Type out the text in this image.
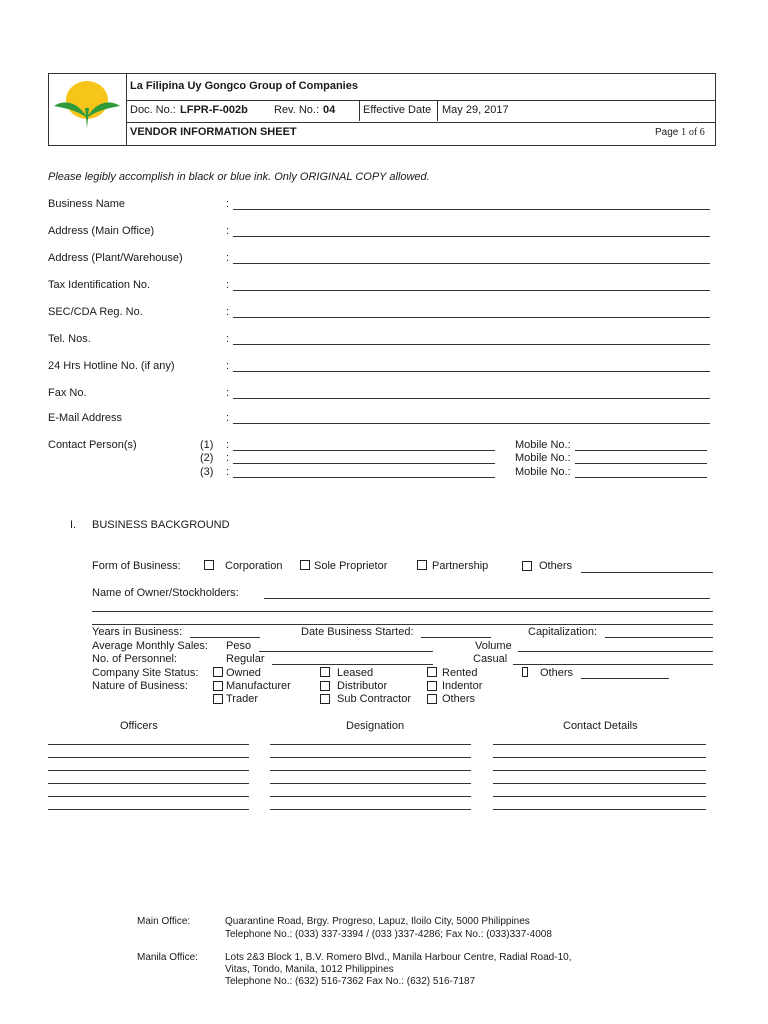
La Filipina Uy Gongco Group of Companies
Doc. No.: LFPR-F-002b Rev. No.: 04	Effective Date May 29, 2017
VENDOR INFORMATION SHEET	Page 1 of 6
Please legibly accomplish in black or blue ink. Only ORIGINAL COPY allowed.
Business Name	:
Address (Main Office)	:
Address (Plant/Warehouse)	:
Tax Identification No.	:
SEC/CDA Reg. No.	:
Tel. Nos.	:
24 Hrs Hotline No. (if any)	:
Fax No.	:
E-Mail Address	:
Contact Person(s)	(1) :	Mobile No.:
(2) :	Mobile No.:
(3) :	Mobile No.:
I. BUSINESS BACKGROUND
Form of Business:	Corporation	Sole Proprietor	Partnership	Others
Name of Owner/Stockholders:
Years in Business:	Date Business Started:	Capitalization:
Average Monthly Sales: Peso	Volume
No. of Personnel:	Regular	Casual
Company Site Status:	Owned	Leased	Rented	Others
Nature of Business:	Manufacturer	Distributor	Indentor
Trader	Sub Contractor	Others
Officers	Designation	Contact Details
Main Office:	Quarantine Road, Brgy. Progreso, Lapuz, Iloilo City, 5000 Philippines
Telephone No.: (033) 337-3394 / (033 )337-4286; Fax No.: (033)337-4008
Manila Office:	Lots 2&3 Block 1, B.V. Romero Blvd., Manila Harbour Centre, Radial Road-10,
Vitas, Tondo, Manila, 1012 Philippines
Telephone No.: (632) 516-7362 Fax No.: (632) 516-7187
